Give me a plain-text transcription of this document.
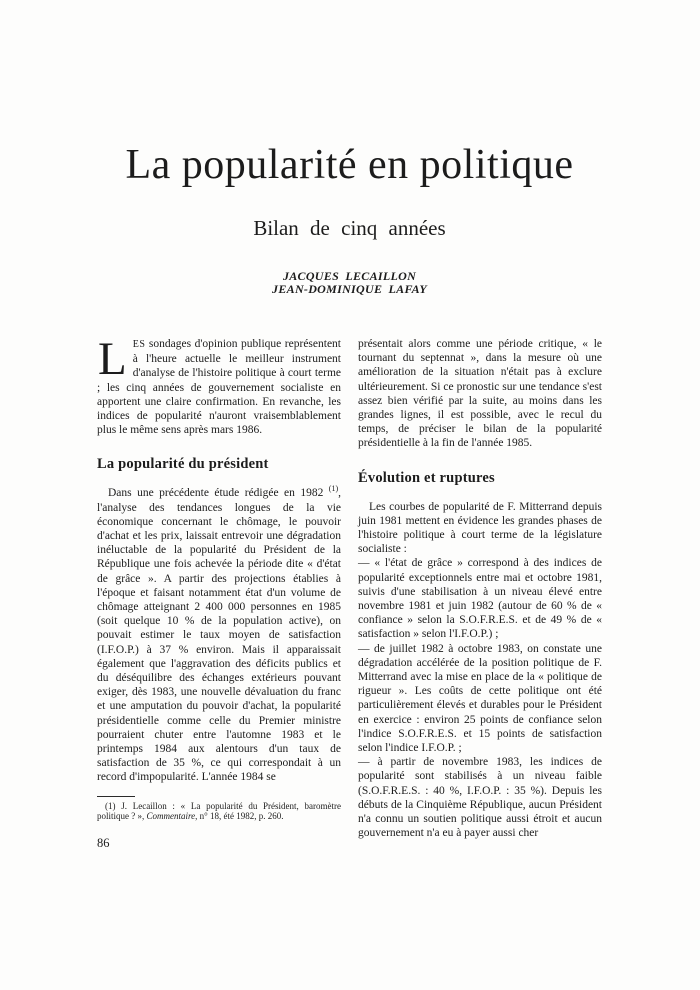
La popularité en politique
Bilan de cinq années
JACQUES LECAILLON
JEAN-DOMINIQUE LAFAY

LES sondages d'opinion publique représentent à l'heure actuelle le meilleur instrument d'analyse de l'histoire politique à court terme ; les cinq années de gouvernement socialiste en apportent une claire confirmation. En revanche, les indices de popularité n'auront vraisemblablement plus le même sens après mars 1986.

La popularité du président

Dans une précédente étude rédigée en 1982 $^{(1)}$, l'analyse des tendances longues de la vie économique concernant le chômage, le pouvoir d'achat et les prix, laissait entrevoir une dégradation inéluctable de la popularité du Président de la République une fois achevée la période dite « d'état de grâce ». A partir des projections établies à l'époque et faisant notamment état d'un volume de chômage atteignant 2 400 000 personnes en 1985 (soit quelque 10 % de la population active), on pouvait estimer le taux moyen de satisfaction (I.F.O.P.) à 37 % environ. Mais il apparaissait également que l'aggravation des déficits publics et du déséquilibre des échanges extérieurs pouvant exiger, dès 1983, une nouvelle dévaluation du franc et une amputation du pouvoir d'achat, la popularité présidentielle comme celle du Premier ministre pourraient chuter entre l'automne 1983 et le printemps 1984 aux alentours d'un taux de satisfaction de 35 %, ce qui correspondait à un record d'impopularité. L'année 1984 se

(1) J. Lecaillon : « La popularité du Président, baromètre politique ? », Commentaire, n° 18, été 1982, p. 260.

86

présentait alors comme une période critique, « le tournant du septennat », dans la mesure où une amélioration de la situation n'était pas à exclure ultérieurement. Si ce pronostic sur une tendance s'est assez bien vérifié par la suite, au moins dans les grandes lignes, il est possible, avec le recul du temps, de préciser le bilan de la popularité présidentielle à la fin de l'année 1985.

Évolution et ruptures

Les courbes de popularité de F. Mitterrand depuis juin 1981 mettent en évidence les grandes phases de l'histoire politique à court terme de la législature socialiste :

— « l'état de grâce » correspond à des indices de popularité exceptionnels entre mai et octobre 1981, suivis d'une stabilisation à un niveau élevé entre novembre 1981 et juin 1982 (autour de 60 % de « confiance » selon la S.O.F.R.E.S. et de 49 % de « satisfaction » selon l'I.F.O.P.) ;

— de juillet 1982 à octobre 1983, on constate une dégradation accélérée de la position politique de F. Mitterrand avec la mise en place de la « politique de rigueur ». Les coûts de cette politique ont été particulièrement élevés et durables pour le Président en exercice : environ 25 points de confiance selon l'indice S.O.F.R.E.S. et 15 points de satisfaction selon l'indice I.F.O.P. ;

— à partir de novembre 1983, les indices de popularité sont stabilisés à un niveau faible (S.O.F.R.E.S. : 40 %, I.F.O.P. : 35 %). Depuis les débuts de la Cinquième République, aucun Président n'a connu un soutien politique aussi étroit et aucun gouvernement n'a eu à payer aussi cher
